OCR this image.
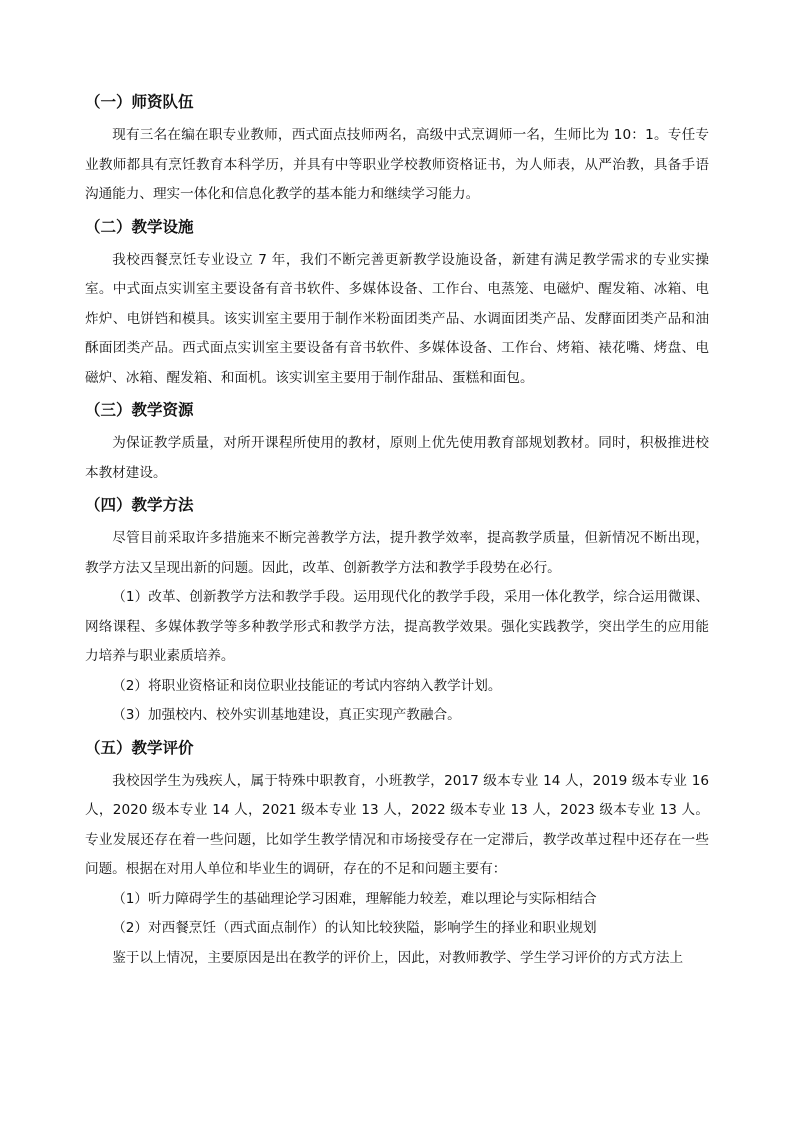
（一）师资队伍

现有三名在编在职专业教师，西式面点技师两名，高级中式烹调师一名，生师比为 10：1。专任专业教师都具有烹饪教育本科学历，并具有中等职业学校教师资格证书，为人师表，从严治教，具备手语沟通能力、理实一体化和信息化教学的基本能力和继续学习能力。

（二）教学设施

我校西餐烹饪专业设立 7 年，我们不断完善更新教学设施设备，新建有满足教学需求的专业实操室。中式面点实训室主要设备有音书软件、多媒体设备、工作台、电蒸笼、电磁炉、醒发箱、冰箱、电炸炉、电饼铛和模具。该实训室主要用于制作米粉面团类产品、水调面团类产品、发酵面团类产品和油酥面团类产品。西式面点实训室主要设备有音书软件、多媒体设备、工作台、烤箱、裱花嘴、烤盘、电磁炉、冰箱、醒发箱、和面机。该实训室主要用于制作甜品、蛋糕和面包。

（三）教学资源

为保证教学质量，对所开课程所使用的教材，原则上优先使用教育部规划教材。同时，积极推进校本教材建设。

（四）教学方法

尽管目前采取许多措施来不断完善教学方法，提升教学效率，提高教学质量，但新情况不断出现，教学方法又呈现出新的问题。因此，改革、创新教学方法和教学手段势在必行。

（1）改革、创新教学方法和教学手段。运用现代化的教学手段，采用一体化教学，综合运用微课、网络课程、多媒体教学等多种教学形式和教学方法，提高教学效果。强化实践教学，突出学生的应用能力培养与职业素质培养。

（2）将职业资格证和岗位职业技能证的考试内容纳入教学计划。

（3）加强校内、校外实训基地建设，真正实现产教融合。

（五）教学评价

我校因学生为残疾人，属于特殊中职教育，小班教学，2017 级本专业 14 人，2019 级本专业 16 人，2020 级本专业 14 人，2021 级本专业 13 人，2022 级本专业 13 人，2023 级本专业 13 人。专业发展还存在着一些问题，比如学生教学情况和市场接受存在一定滞后，教学改革过程中还存在一些问题。根据在对用人单位和毕业生的调研，存在的不足和问题主要有：

（1）听力障碍学生的基础理论学习困难，理解能力较差，难以理论与实际相结合

（2）对西餐烹饪（西式面点制作）的认知比较狭隘，影响学生的择业和职业规划

鉴于以上情况，主要原因是出在教学的评价上，因此，对教师教学、学生学习评价的方式方法上
